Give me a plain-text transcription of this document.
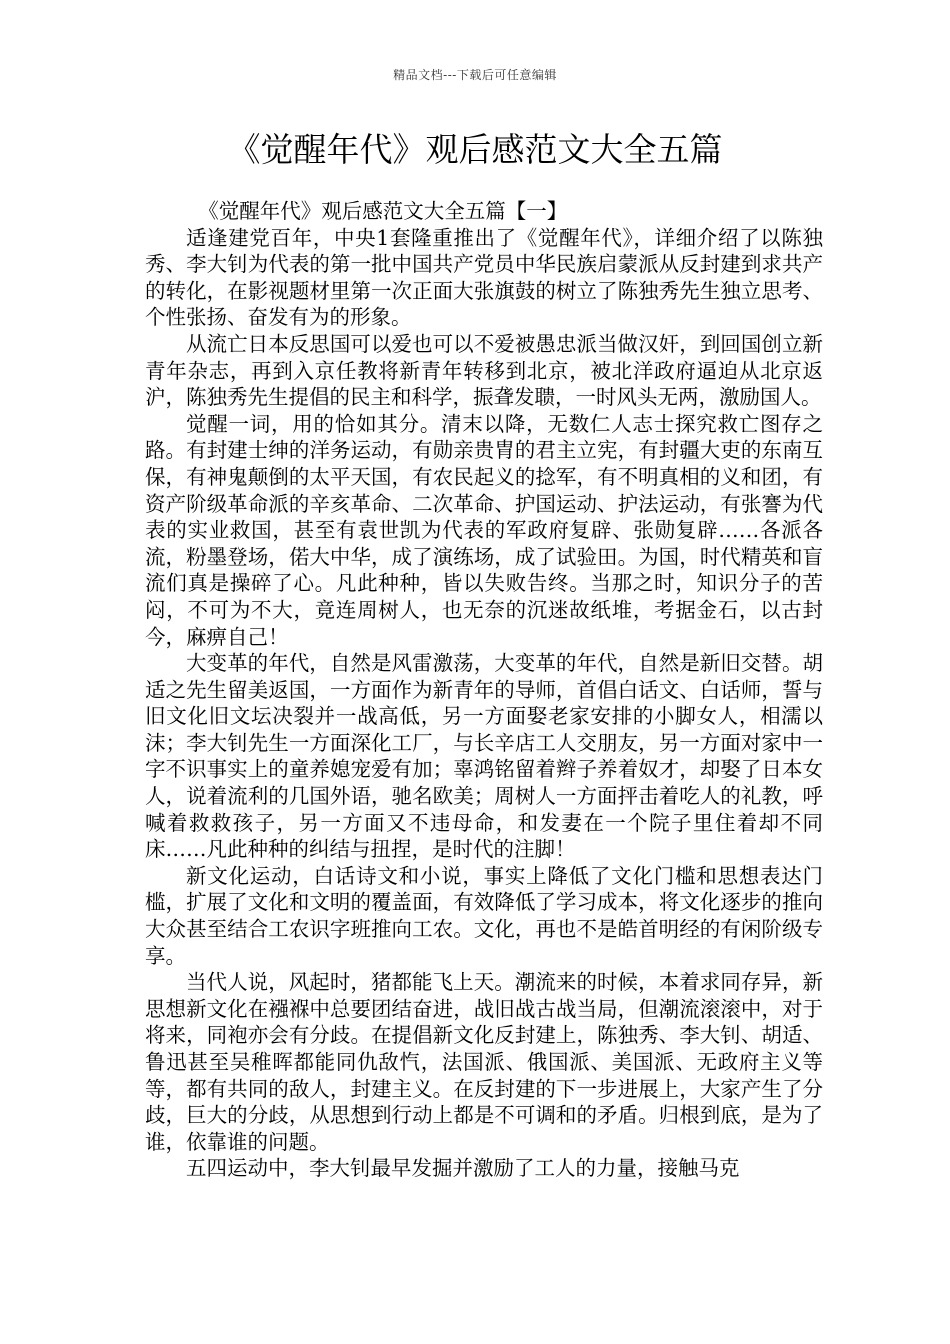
精品文档---下载后可任意编辑
《觉醒年代》观后感范文大全五篇

《觉醒年代》观后感范文大全五篇【一】

适逢建党百年，中央1套隆重推出了《觉醒年代》，详细介绍了以陈独秀、李大钊为代表的第一批中国共产党员中华民族启蒙派从反封建到求共产的转化，在影视题材里第一次正面大张旗鼓的树立了陈独秀先生独立思考、个性张扬、奋发有为的形象。

从流亡日本反思国可以爱也可以不爱被愚忠派当做汉奸，到回国创立新青年杂志，再到入京任教将新青年转移到北京，被北洋政府逼迫从北京返沪，陈独秀先生提倡的民主和科学，振聋发聩，一时风头无两，激励国人。

觉醒一词，用的恰如其分。清末以降，无数仁人志士探究救亡图存之路。有封建士绅的洋务运动，有勋亲贵胄的君主立宪，有封疆大吏的东南互保，有神鬼颠倒的太平天国，有农民起义的捻军，有不明真相的义和团，有资产阶级革命派的辛亥革命、二次革命、护国运动、护法运动，有张謇为代表的实业救国，甚至有袁世凯为代表的军政府复辟、张勋复辟……各派各流，粉墨登场，偌大中华，成了演练场，成了试验田。为国，时代精英和盲流们真是操碎了心。凡此种种，皆以失败告终。当那之时，知识分子的苦闷，不可为不大，竟连周树人，也无奈的沉迷故纸堆，考据金石，以古封今，麻痹自己！

大变革的年代，自然是风雷激荡，大变革的年代，自然是新旧交替。胡适之先生留美返国，一方面作为新青年的导师，首倡白话文、白话师，誓与旧文化旧文坛决裂并一战高低，另一方面娶老家安排的小脚女人，相濡以沫；李大钊先生一方面深化工厂，与长辛店工人交朋友，另一方面对家中一字不识事实上的童养媳宠爱有加；辜鸿铭留着辫子养着奴才，却娶了日本女人，说着流利的几国外语，驰名欧美；周树人一方面抨击着吃人的礼教，呼喊着救救孩子，另一方面又不违母命，和发妻在一个院子里住着却不同床……凡此种种的纠结与扭捏，是时代的注脚！

新文化运动，白话诗文和小说，事实上降低了文化门槛和思想表达门槛，扩展了文化和文明的覆盖面，有效降低了学习成本，将文化逐步的推向大众甚至结合工农识字班推向工农。文化，再也不是皓首明经的有闲阶级专享。

当代人说，风起时，猪都能飞上天。潮流来的时候，本着求同存异，新思想新文化在襁褓中总要团结奋进，战旧战古战当局，但潮流滚滚中，对于将来，同袍亦会有分歧。在提倡新文化反封建上，陈独秀、李大钊、胡适、鲁迅甚至吴稚晖都能同仇敌忾，法国派、俄国派、美国派、无政府主义等等，都有共同的敌人，封建主义。在反封建的下一步进展上，大家产生了分歧，巨大的分歧，从思想到行动上都是不可调和的矛盾。归根到底，是为了谁，依靠谁的问题。

五四运动中，李大钊最早发掘并激励了工人的力量，接触马克
